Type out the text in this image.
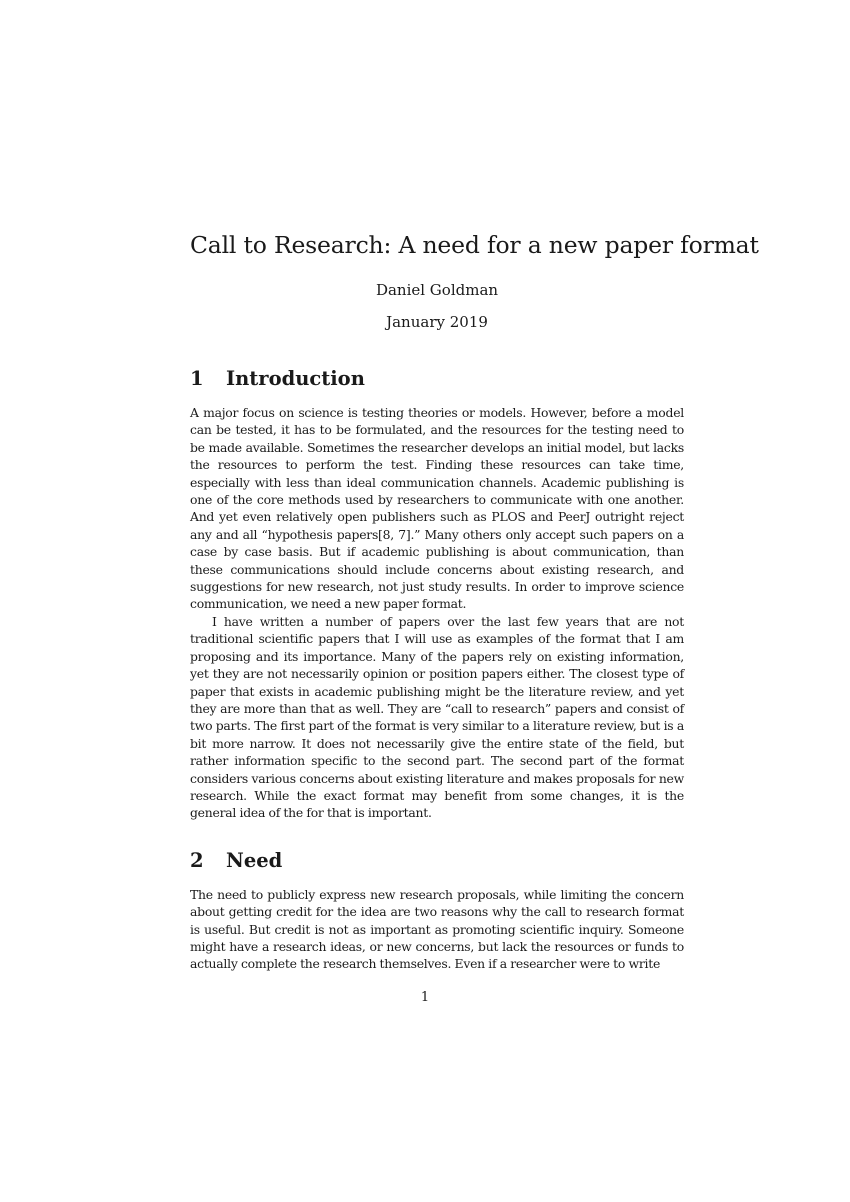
Call to Research: A need for a new paper format
Daniel Goldman
January 2019
1 Introduction

A major focus on science is testing theories or models. However, before a model can be tested, it has to be formulated, and the resources for the testing need to be made available. Sometimes the researcher develops an initial model, but lacks the resources to perform the test. Finding these resources can take time, especially with less than ideal communication channels. Academic publishing is one of the core methods used by researchers to communicate with one another. And yet even relatively open publishers such as PLOS and PeerJ outright reject any and all “hypothesis papers[8, 7].” Many others only accept such papers on a case by case basis. But if academic publishing is about communication, than these communications should include concerns about existing research, and suggestions for new research, not just study results. In order to improve science communication, we need a new paper format.

I have written a number of papers over the last few years that are not traditional scientific papers that I will use as examples of the format that I am proposing and its importance. Many of the papers rely on existing information, yet they are not necessarily opinion or position papers either. The closest type of paper that exists in academic publishing might be the literature review, and yet they are more than that as well. They are “call to research” papers and consist of two parts. The first part of the format is very similar to a literature review, but is a bit more narrow. It does not necessarily give the entire state of the field, but rather information specific to the second part. The second part of the format considers various concerns about existing literature and makes proposals for new research. While the exact format may benefit from some changes, it is the general idea of the for that is important.

2 Need

The need to publicly express new research proposals, while limiting the concern about getting credit for the idea are two reasons why the call to research format is useful. But credit is not as important as promoting scientific inquiry. Someone might have a research ideas, or new concerns, but lack the resources or funds to actually complete the research themselves. Even if a researcher were to write

1
